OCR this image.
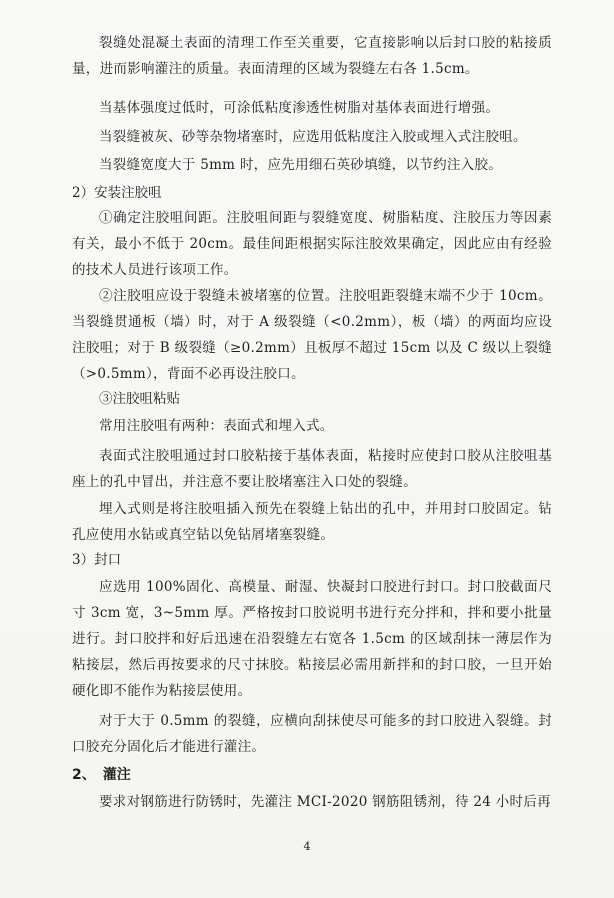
裂缝处混凝土表面的清理工作至关重要，它直接影响以后封口胶的粘接质量，进而影响灌注的质量。表面清理的区域为裂缝左右各 1.5cm。

当基体强度过低时，可涂低粘度渗透性树脂对基体表面进行增强。

当裂缝被灰、砂等杂物堵塞时，应选用低粘度注入胶或埋入式注胶咀。

当裂缝宽度大于 5mm 时，应先用细石英砂填缝，以节约注入胶。

2）安装注胶咀

①确定注胶咀间距。注胶咀间距与裂缝宽度、树脂粘度、注胶压力等因素有关，最小不低于 20cm。最佳间距根据实际注胶效果确定，因此应由有经验的技术人员进行该项工作。

②注胶咀应设于裂缝未被堵塞的位置。注胶咀距裂缝末端不少于 10cm。当裂缝贯通板（墙）时，对于 A 级裂缝（<0.2mm），板（墙）的两面均应设注胶咀；对于 B 级裂缝（≥0.2mm）且板厚不超过 15cm 以及 C 级以上裂缝（>0.5mm），背面不必再设注胶口。

③注胶咀粘贴

常用注胶咀有两种：表面式和埋入式。

表面式注胶咀通过封口胶粘接于基体表面，粘接时应使封口胶从注胶咀基座上的孔中冒出，并注意不要让胶堵塞注入口处的裂缝。

埋入式则是将注胶咀插入预先在裂缝上钻出的孔中，并用封口胶固定。钻孔应使用水钻或真空钻以免钻屑堵塞裂缝。

3）封口

应选用 100%固化、高模量、耐湿、快凝封口胶进行封口。封口胶截面尺寸 3cm 宽，3~5mm 厚。严格按封口胶说明书进行充分拌和，拌和要小批量进行。封口胶拌和好后迅速在沿裂缝左右宽各 1.5cm 的区域刮抹一薄层作为粘接层，然后再按要求的尺寸抹胶。粘接层必需用新拌和的封口胶，一旦开始硬化即不能作为粘接层使用。

对于大于 0.5mm 的裂缝，应横向刮抹使尽可能多的封口胶进入裂缝。封口胶充分固化后才能进行灌注。

2、　灌注

要求对钢筋进行防锈时，先灌注 MCI-2020 钢筋阻锈剂，待 24 小时后再

4
